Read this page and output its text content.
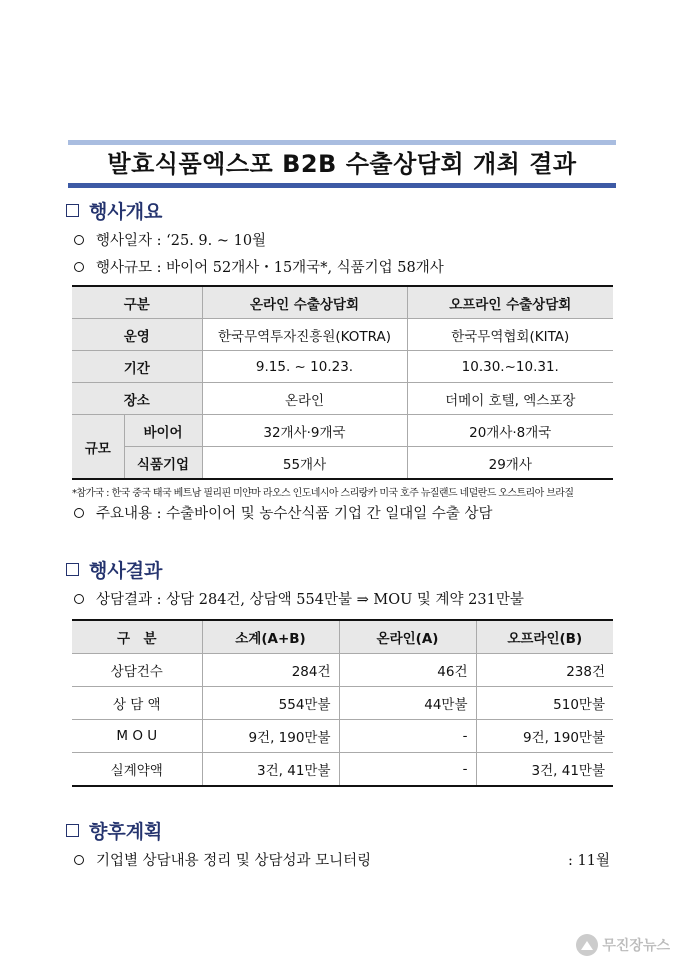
발효식품엑스포 B2B 수출상담회 개최 결과
행사개요
행사일자 : ‘25. 9. ~ 10월
행사규모 : 바이어 52개사・15개국*, 식품기업 58개사
구분		온라인 수출상담회	오프라인 수출상담회
운영		한국무역투자진흥원(KOTRA)	한국무역협회(KITA)
기간		9.15. ~ 10.23.	10.30.~10.31.
장소		온라인	더메이 호텔, 엑스포장
규모	바이어	32개사·9개국	20개사·8개국
	식품기업	55개사	29개사
*참가국 : 한국 중국 태국 베트남 필리핀 미얀마 라오스 인도네시아 스리랑카 미국 호주 뉴질랜드 네덜란드 오스트리아 브라질
주요내용 : 수출바이어 및 농수산식품 기업 간 일대일 수출 상담
행사결과
상담결과 : 상담 284건, 상담액 554만불 ⇒ MOU 및 계약 231만불
구　분	소계(A+B)	온라인(A)	오프라인(B)
상담건수	284건	46건	238건
상 담 액	554만불	44만불	510만불
M O U	9건, 190만불	-	9건, 190만불
실계약액	3건, 41만불	-	3건, 41만불
향후계획
기업별 상담내용 정리 및 상담성과 모니터링	: 11월
무진장뉴스
